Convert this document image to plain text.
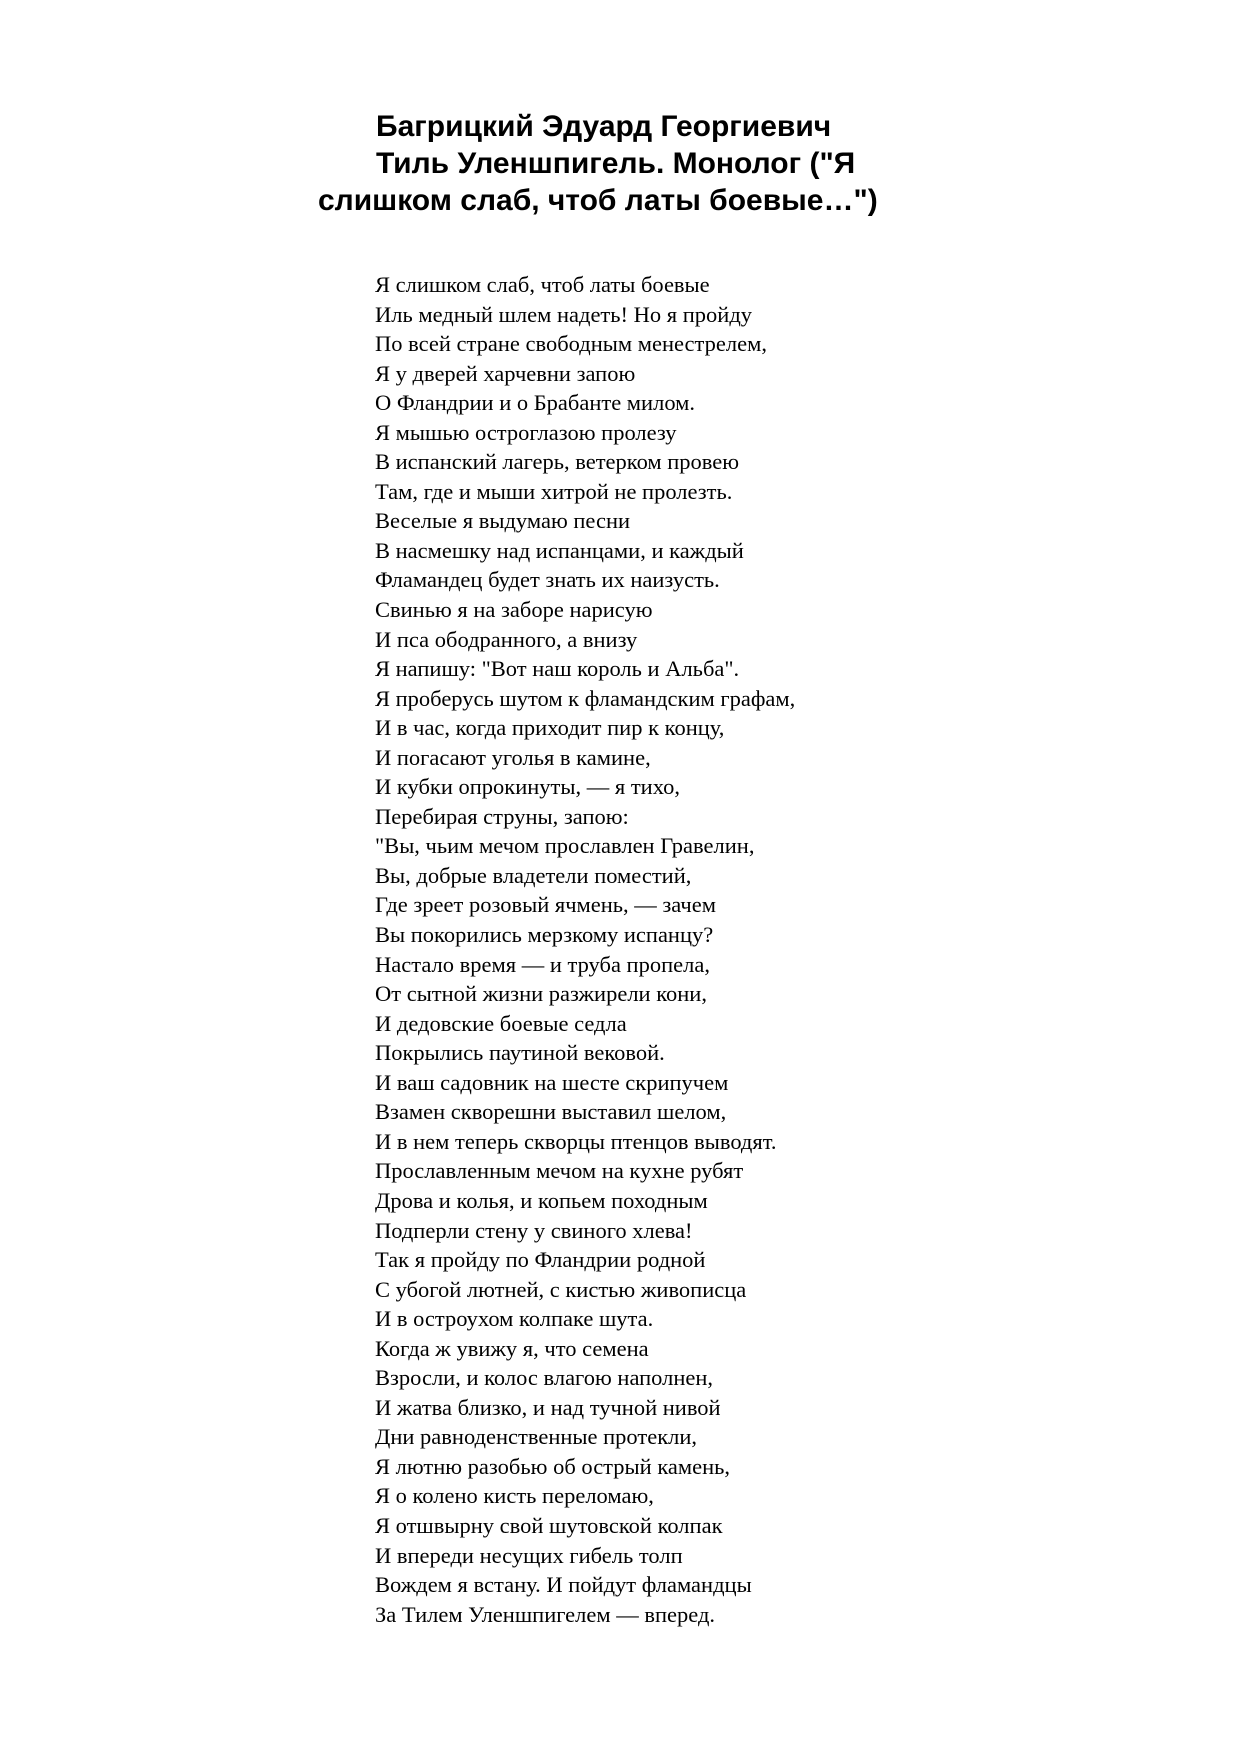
Багрицкий Эдуард Георгиевич
Тиль Уленшпигель. Монолог ("Я
слишком слаб, чтоб латы боевые…")
Я слишком слаб, чтоб латы боевые
Иль медный шлем надеть! Но я пройду
По всей стране свободным менестрелем,
Я у дверей харчевни запою
О Фландрии и о Брабанте милом.
Я мышью остроглазою пролезу
В испанский лагерь, ветерком провею
Там, где и мыши хитрой не пролезть.
Веселые я выдумаю песни
В насмешку над испанцами, и каждый
Фламандец будет знать их наизусть.
Свинью я на заборе нарисую
И пса ободранного, а внизу
Я напишу: "Вот наш король и Альба".
Я проберусь шутом к фламандским графам,
И в час, когда приходит пир к концу,
И погасают уголья в камине,
И кубки опрокинуты, — я тихо,
Перебирая струны, запою:
"Вы, чьим мечом прославлен Гравелин,
Вы, добрые владетели поместий,
Где зреет розовый ячмень, — зачем
Вы покорились мерзкому испанцу?
Настало время — и труба пропела,
От сытной жизни разжирели кони,
И дедовские боевые седла
Покрылись паутиной вековой.
И ваш садовник на шесте скрипучем
Взамен скворешни выставил шелом,
И в нем теперь скворцы птенцов выводят.
Прославленным мечом на кухне рубят
Дрова и колья, и копьем походным
Подперли стену у свиного хлева!
Так я пройду по Фландрии родной
С убогой лютней, с кистью живописца
И в остроухом колпаке шута.
Когда ж увижу я, что семена
Взросли, и колос влагою наполнен,
И жатва близко, и над тучной нивой
Дни равноденственные протекли,
Я лютню разобью об острый камень,
Я о колено кисть переломаю,
Я отшвырну свой шутовской колпак
И впереди несущих гибель толп
Вождем я встану. И пойдут фламандцы
За Тилем Уленшпигелем — вперед.
